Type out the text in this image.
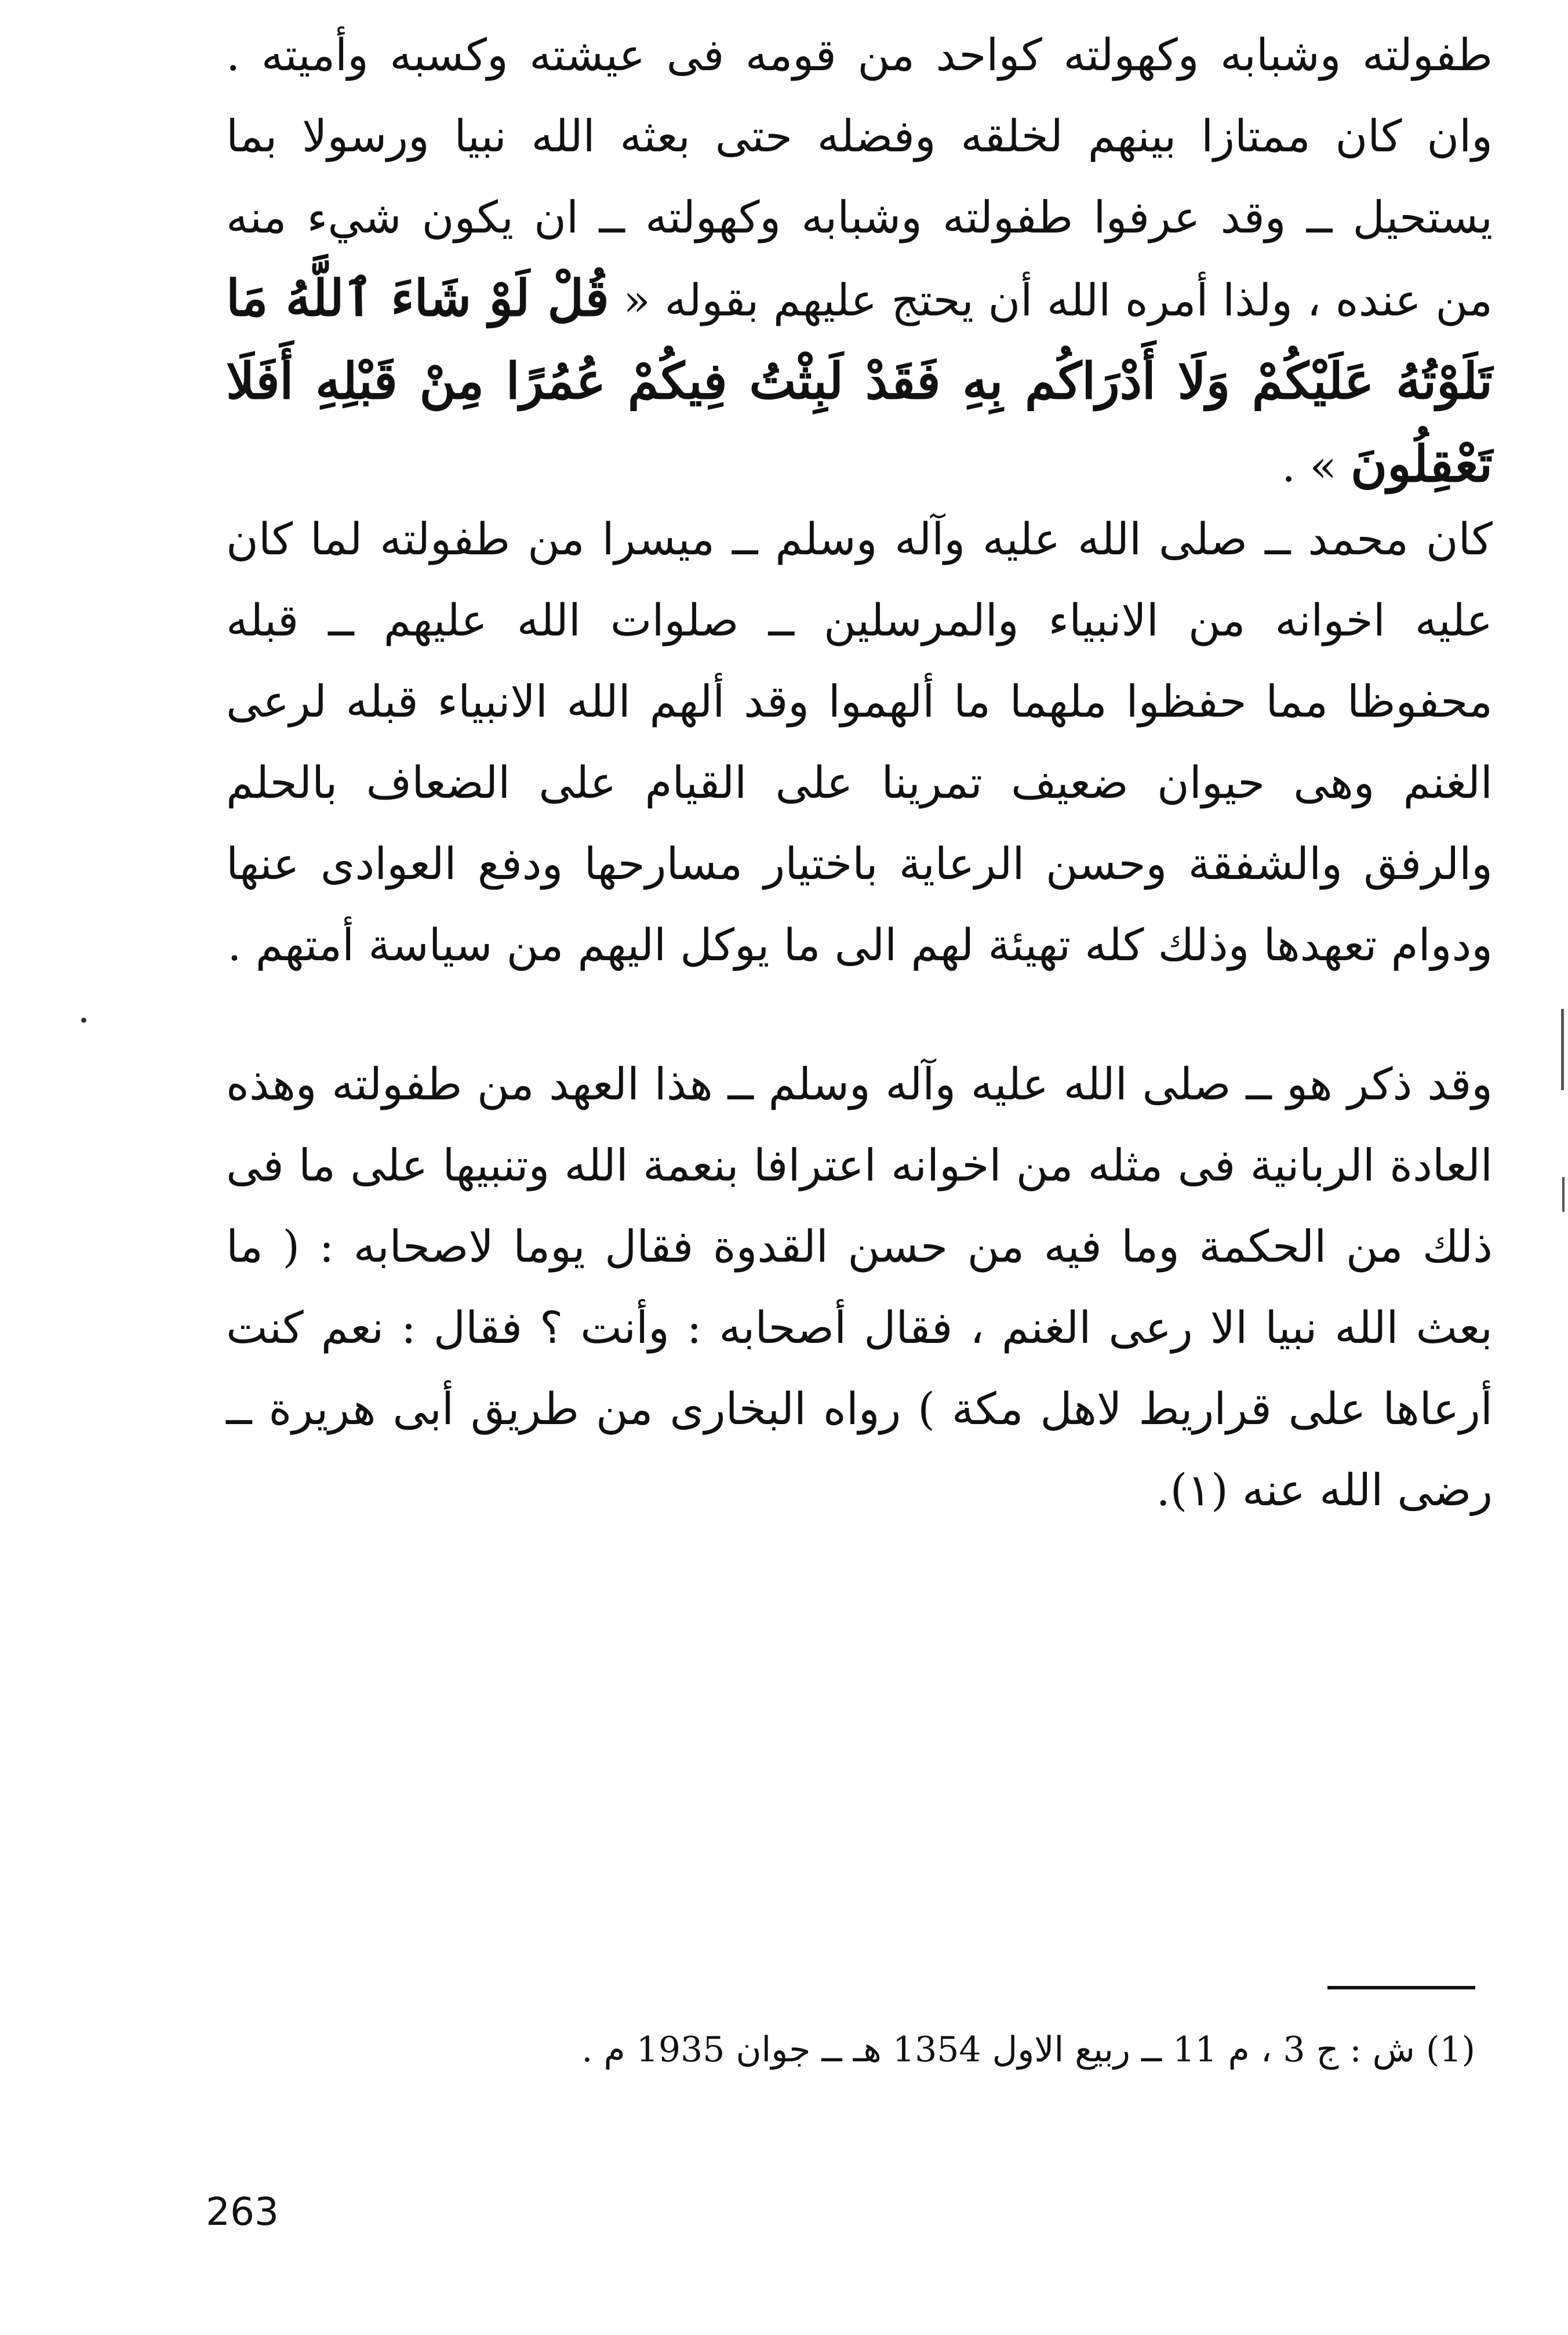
طفولته وشبابه وكهولته كواحد من قومه فى عيشته وكسبه وأميته . وان كان ممتازا بينهم لخلقه وفضله حتى بعثه الله نبيا ورسولا بما يستحيل ــ وقد عرفوا طفولته وشبابه وكهولته ــ ان يكون شيء منه من عنده ، ولذا أمره الله أن يحتج عليهم بقوله « قُلْ لَوْ شَاءَ ٱللَّهُ مَا تَلَوْتُهُ عَلَيْكُمْ وَلَا أَدْرَاكُم بِهِ فَقَدْ لَبِثْتُ فِيكُمْ عُمُرًا مِنْ قَبْلِهِ أَفَلَا تَعْقِلُونَ » .

كان محمد ــ صلى الله عليه وآله وسلم ــ ميسرا من طفولته لما كان عليه اخوانه من الانبياء والمرسلين ــ صلوات الله عليهم ــ قبله محفوظا مما حفظوا ملهما ما ألهموا وقد ألهم الله الانبياء قبله لرعى الغنم وهى حيوان ضعيف تمرينا على القيام على الضعاف بالحلم والرفق والشفقة وحسن الرعاية باختيار مسارحها ودفع العوادى عنها ودوام تعهدها وذلك كله تهيئة لهم الى ما يوكل اليهم من سياسة أمتهم .

وقد ذكر هو ــ صلى الله عليه وآله وسلم ــ هذا العهد من طفولته وهذه العادة الربانية فى مثله من اخوانه اعترافا بنعمة الله وتنبيها على ما فى ذلك من الحكمة وما فيه من حسن القدوة فقال يوما لاصحابه : ( ما بعث الله نبيا الا رعى الغنم ، فقال أصحابه : وأنت ؟ فقال : نعم كنت أرعاها على قراريط لاهل مكة ) رواه البخارى من طريق أبى هريرة ــ رضى الله عنه (١).

(1) ش : ج 3 ، م 11 ــ ربيع الاول 1354 هـ ــ جوان 1935 م .
263
